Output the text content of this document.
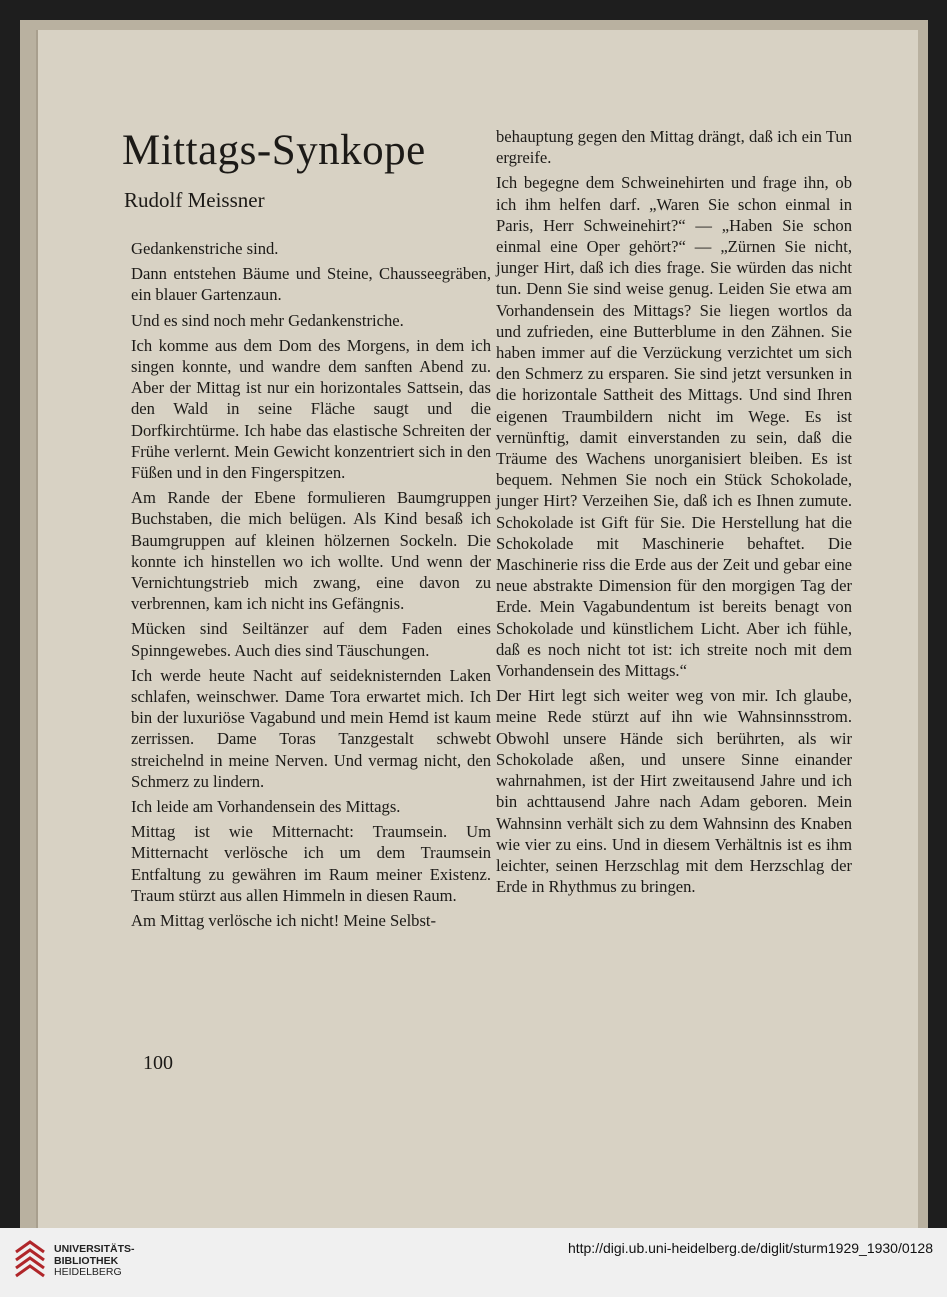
Mittags-Synkope
Rudolf Meissner

Gedankenstriche sind.

Dann entstehen Bäume und Steine, Chausseegräben, ein blauer Gartenzaun.

Und es sind noch mehr Gedankenstriche.

Ich komme aus dem Dom des Morgens, in dem ich singen konnte, und wandre dem sanften Abend zu. Aber der Mittag ist nur ein horizontales Sattsein, das den Wald in seine Fläche saugt und die Dorfkirchtürme. Ich habe das elastische Schreiten der Frühe verlernt. Mein Gewicht konzentriert sich in den Füßen und in den Fingerspitzen.

Am Rande der Ebene formulieren Baumgruppen Buchstaben, die mich belügen. Als Kind besaß ich Baumgruppen auf kleinen hölzernen Sockeln. Die konnte ich hinstellen wo ich wollte. Und wenn der Vernichtungstrieb mich zwang, eine davon zu verbrennen, kam ich nicht ins Gefängnis.

Mücken sind Seiltänzer auf dem Faden eines Spinngewebes. Auch dies sind Täuschungen.

Ich werde heute Nacht auf seideknisternden Laken schlafen, weinschwer. Dame Tora erwartet mich. Ich bin der luxuriöse Vagabund und mein Hemd ist kaum zerrissen. Dame Toras Tanzgestalt schwebt streichelnd in meine Nerven. Und vermag nicht, den Schmerz zu lindern.

Ich leide am Vorhandensein des Mittags.

Mittag ist wie Mitternacht: Traumsein. Um Mitternacht verlösche ich um dem Traumsein Entfaltung zu gewähren im Raum meiner Existenz. Traum stürzt aus allen Himmeln in diesen Raum.

Am Mittag verlösche ich nicht! Meine Selbst-

behauptung gegen den Mittag drängt, daß ich ein Tun ergreife.

Ich begegne dem Schweinehirten und frage ihn, ob ich ihm helfen darf. „Waren Sie schon einmal in Paris, Herr Schweinehirt?“ — „Haben Sie schon einmal eine Oper gehört?“ — „Zürnen Sie nicht, junger Hirt, daß ich dies frage. Sie würden das nicht tun. Denn Sie sind weise genug. Leiden Sie etwa am Vorhandensein des Mittags? Sie liegen wortlos da und zufrieden, eine Butterblume in den Zähnen. Sie haben immer auf die Verzückung verzichtet um sich den Schmerz zu ersparen. Sie sind jetzt versunken in die horizontale Sattheit des Mittags. Und sind Ihren eigenen Traumbildern nicht im Wege. Es ist vernünftig, damit einverstanden zu sein, daß die Träume des Wachens unorganisiert bleiben. Es ist bequem. Nehmen Sie noch ein Stück Schokolade, junger Hirt? Verzeihen Sie, daß ich es Ihnen zumute. Schokolade ist Gift für Sie. Die Herstellung hat die Schokolade mit Maschinerie behaftet. Die Maschinerie riss die Erde aus der Zeit und gebar eine neue abstrakte Dimension für den morgigen Tag der Erde. Mein Vagabundentum ist bereits benagt von Schokolade und künstlichem Licht. Aber ich fühle, daß es noch nicht tot ist: ich streite noch mit dem Vorhandensein des Mittags.“

Der Hirt legt sich weiter weg von mir. Ich glaube, meine Rede stürzt auf ihn wie Wahnsinnsstrom. Obwohl unsere Hände sich berührten, als wir Schokolade aßen, und unsere Sinne einander wahrnahmen, ist der Hirt zweitausend Jahre und ich bin achttausend Jahre nach Adam geboren. Mein Wahnsinn verhält sich zu dem Wahnsinn des Knaben wie vier zu eins. Und in diesem Verhältnis ist es ihm leichter, seinen Herzschlag mit dem Herzschlag der Erde in Rhythmus zu bringen.

100
UNIVERSITÄTS-
BIBLIOTHEK
HEIDELBERG
http://digi.ub.uni-heidelberg.de/diglit/sturm1929_1930/0128
